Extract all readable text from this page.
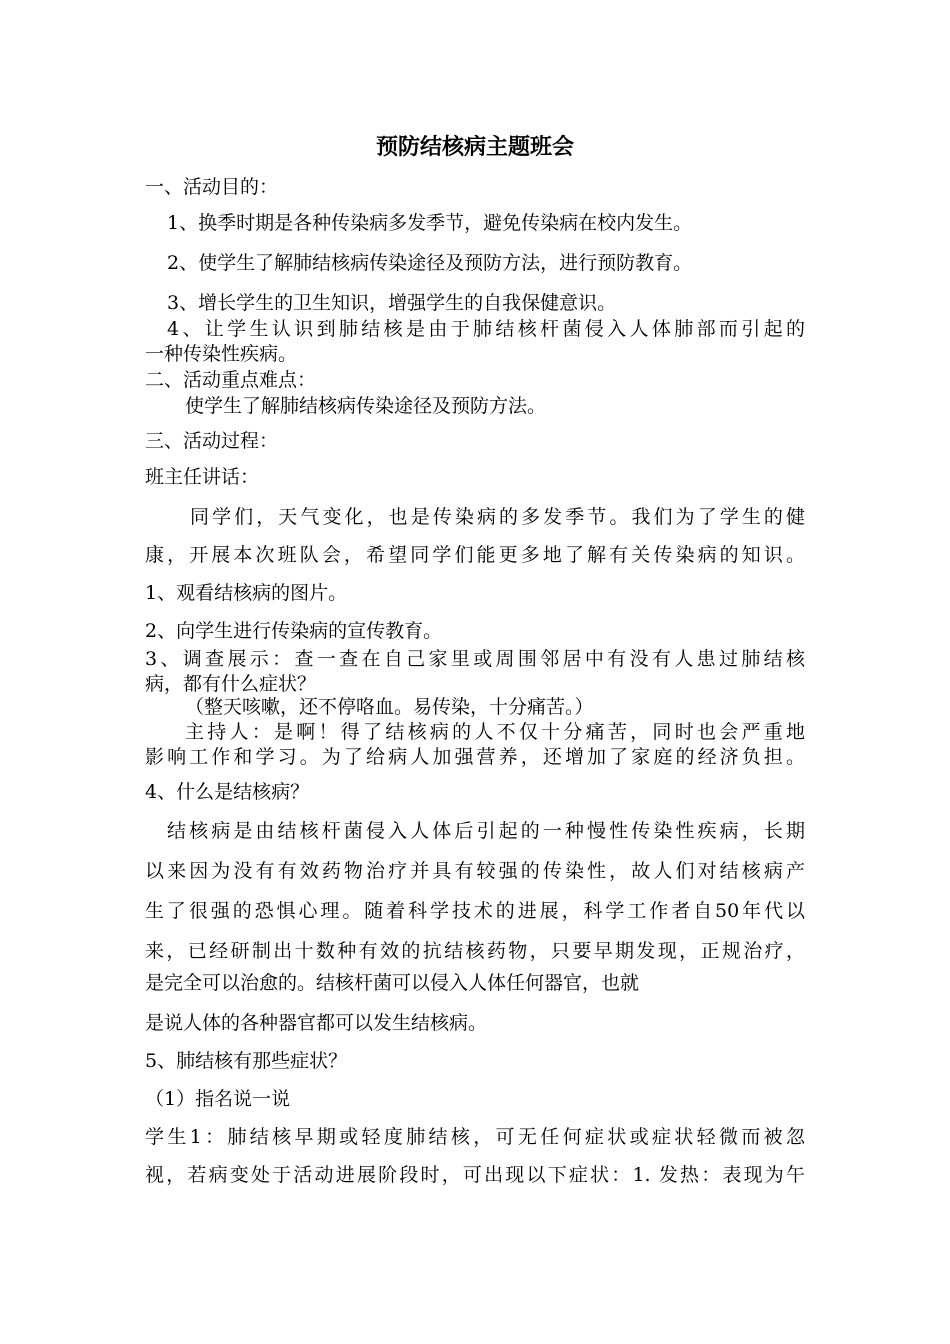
预防结核病主题班会
一、活动目的：
1、换季时期是各种传染病多发季节，避免传染病在校内发生。
2、使学生了解肺结核病传染途径及预防方法，进行预防教育。
3、增长学生的卫生知识，增强学生的自我保健意识。
4、让学生认识到肺结核是由于肺结核杆菌侵入人体肺部而引起的
一种传染性疾病。
二、活动重点难点：
使学生了解肺结核病传染途径及预防方法。
三、活动过程：
班主任讲话：
同学们，天气变化，也是传染病的多发季节。我们为了学生的健
康，开展本次班队会，希望同学们能更多地了解有关传染病的知识。
1、观看结核病的图片。
2、向学生进行传染病的宣传教育。
3、调查展示：查一查在自己家里或周围邻居中有没有人患过肺结核
病，都有什么症状？
（整天咳嗽，还不停咯血。易传染，十分痛苦。）
主持人：是啊！得了结核病的人不仅十分痛苦，同时也会严重地
影响工作和学习。为了给病人加强营养，还增加了家庭的经济负担。
4、什么是结核病？
结核病是由结核杆菌侵入人体后引起的一种慢性传染性疾病，长期
以来因为没有有效药物治疗并具有较强的传染性，故人们对结核病产
生了很强的恐惧心理。随着科学技术的进展，科学工作者自50年代以
来，已经研制出十数种有效的抗结核药物，只要早期发现，正规治疗，
是完全可以治愈的。结核杆菌可以侵入人体任何器官，也就
是说人体的各种器官都可以发生结核病。
5、肺结核有那些症状？
（1）指名说一说
学生1：肺结核早期或轻度肺结核，可无任何症状或症状轻微而被忽
视，若病变处于活动进展阶段时，可出现以下症状：1. 发热：表现为午
